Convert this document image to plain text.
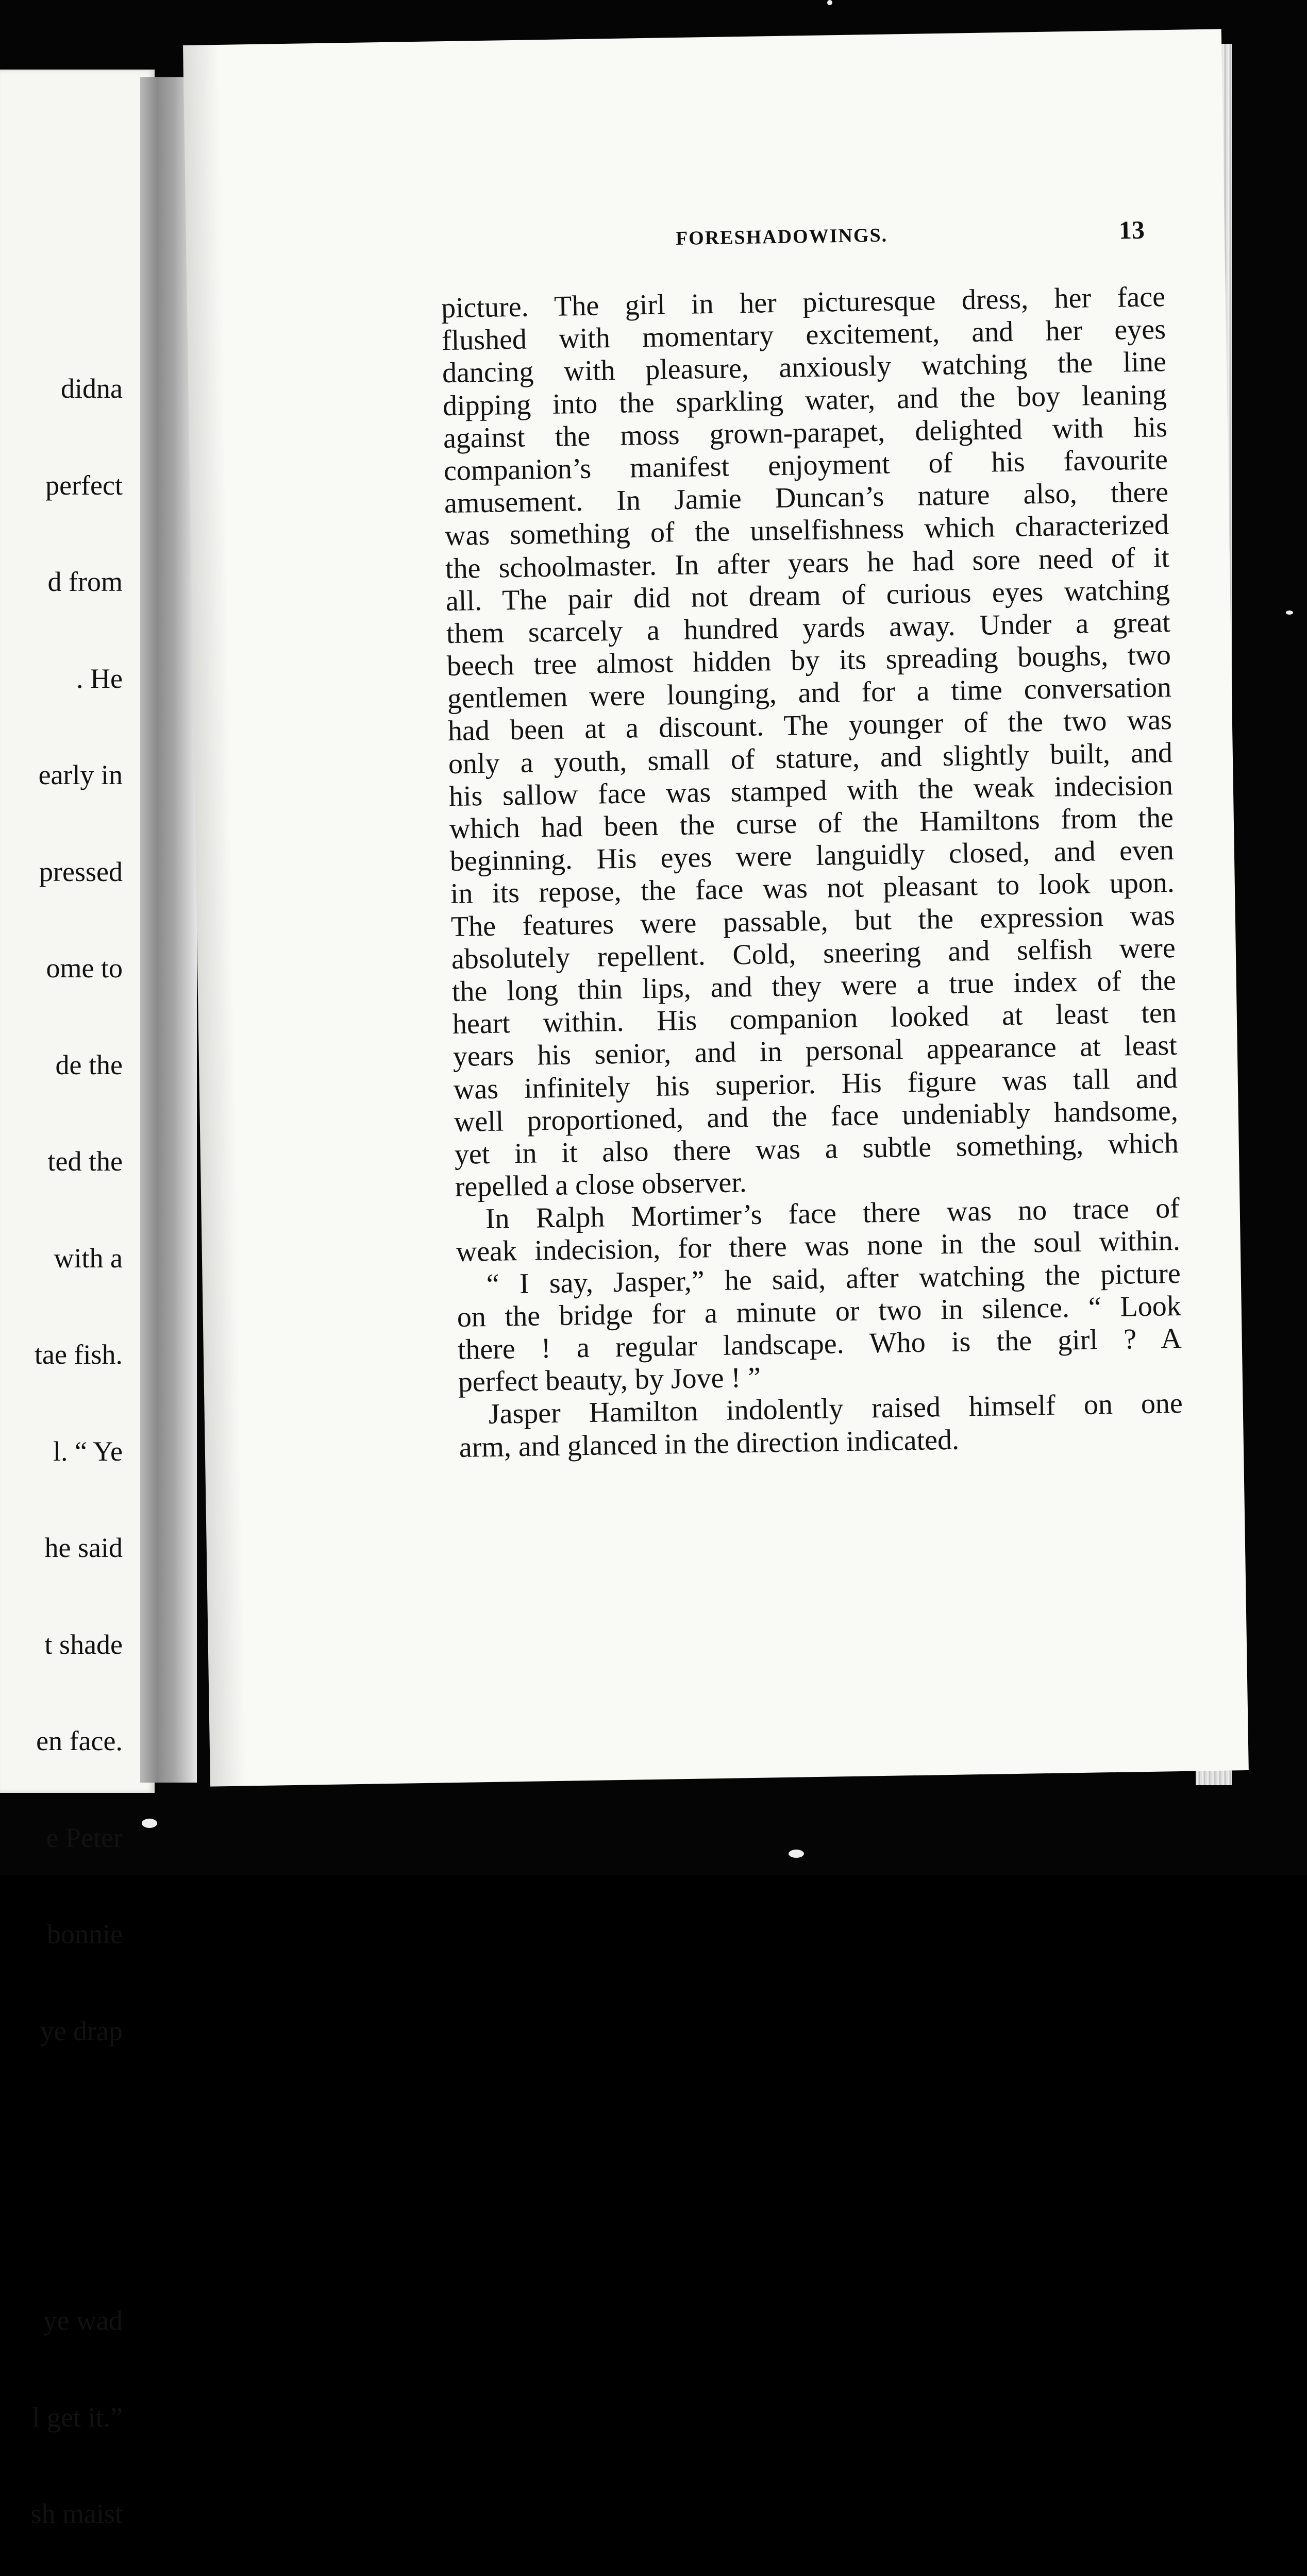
didna

perfect

d from

. He

early in

pressed

ome to

de the

ted the

with a

tae fish.

l. “ Ye

he said

t shade

en face.

e Peter

bonnie

ye drap

ye wad

l get it.”

sh maist

FORESHADOWINGS.	13
picture. The girl in her picturesque dress, her face
flushed with momentary excitement, and her eyes
dancing with pleasure, anxiously watching the line
dipping into the sparkling water, and the boy leaning
against the moss grown-parapet, delighted with his
companion’s manifest enjoyment of his favourite
amusement. In Jamie Duncan’s nature also, there
was something of the unselfishness which characterized
the schoolmaster. In after years he had sore need of it
all. The pair did not dream of curious eyes watching
them scarcely a hundred yards away. Under a great
beech tree almost hidden by its spreading boughs, two
gentlemen were lounging, and for a time conversation
had been at a discount. The younger of the two was
only a youth, small of stature, and slightly built, and
his sallow face was stamped with the weak indecision
which had been the curse of the Hamiltons from the
beginning. His eyes were languidly closed, and even
in its repose, the face was not pleasant to look upon.
The features were passable, but the expression was
absolutely repellent. Cold, sneering and selfish were
the long thin lips, and they were a true index of the
heart within. His companion looked at least ten
years his senior, and in personal appearance at least
was infinitely his superior. His figure was tall and
well proportioned, and the face undeniably handsome,
yet in it also there was a subtle something, which
repelled a close observer.
In Ralph Mortimer’s face there was no trace of
weak indecision, for there was none in the soul within.
“ I say, Jasper,” he said, after watching the picture
on the bridge for a minute or two in silence. “ Look
there ! a regular landscape. Who is the girl ? A
perfect beauty, by Jove ! ”
Jasper Hamilton indolently raised himself on one
arm, and glanced in the direction indicated.
